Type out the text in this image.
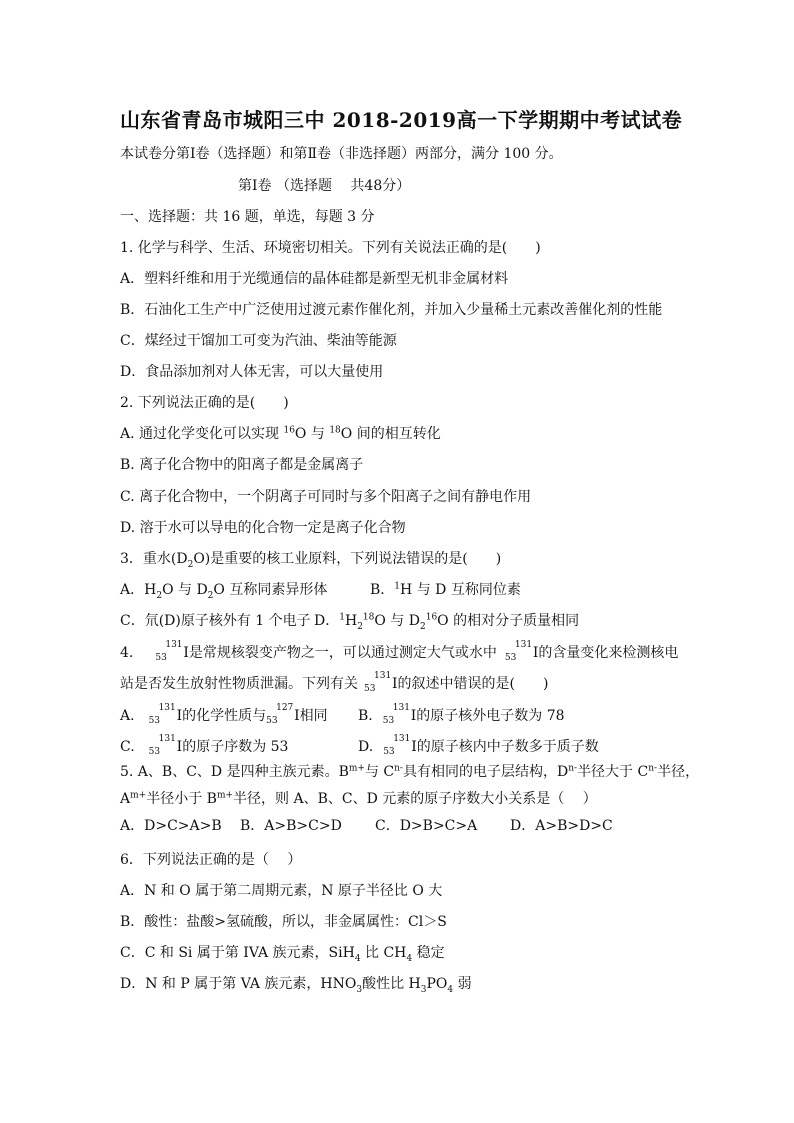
山东省青岛市城阳三中 2018-2019高一下学期期中考试试卷
本试卷分第Ⅰ卷（选择题）和第Ⅱ卷（非选择题）两部分，满分 100 分。
第Ⅰ卷 （选择题　 共48分）
一、选择题：共 16 题，单选，每题 3 分
1. 化学与科学、生活、环境密切相关。下列有关说法正确的是(　　)
A．塑料纤维和用于光缆通信的晶体硅都是新型无机非金属材料
B．石油化工生产中广泛使用过渡元素作催化剂，并加入少量稀土元素改善催化剂的性能
C．煤经过干馏加工可变为汽油、柴油等能源
D．食品添加剂对人体无害，可以大量使用
2. 下列说法正确的是(　　)
A. 通过化学变化可以实现 $^{16}$O 与 $^{18}$O 间的相互转化
B. 离子化合物中的阳离子都是金属离子
C. 离子化合物中，一个阴离子可同时与多个阳离子之间有静电作用
D. 溶于水可以导电的化合物一定是离子化合物
3．重水$(D_2O)$是重要的核工业原料，下列说法错误的是(　　)
A．$H_2O$ 与 $D_2O$ 互称同素异形体	B．$^1$H 与 D 互称同位素
C．氘(D)原子核外有 1 个电子 D．$^1H_2^{18}O$ 与 $D_2^{16}O$ 的相对分子质量相同
4. 53
131 I是常规核裂变产物之一，可以通过测定大气或水中 53
131 I的含量变化来检测核电
站是否发生放射性物质泄漏。下列有关 53
131 I的叙述中错误的是(　　)
A. 53
131 I的化学性质与 53
127 I相同 B. 53
131 I的原子核外电子数为 78
C. 53
131 I的原子序数为 53	D. 53
131 I的原子核内中子数多于质子数
5. A、B、C、D 是四种主族元素。$B^{m+}$与 $C^{n-}$具有相同的电子层结构，$D^{n-}$半径大于 $C^{n-}$半径，
$A^{m+}$半径小于 $B^{m+}$半径，则 A、B、C、D 元素的原子序数大小关系是（　 ）
A．D>C>A>B B．A>B>C>D C．D>B>C>A D．A>B>D>C
6．下列说法正确的是（　 ）
A．N 和 O 属于第二周期元素，N 原子半径比 O 大
B．酸性：盐酸>氢硫酸，所以，非金属属性：Cl＞S
C．C 和 Si 属于第 IVA 族元素，SiH$_4$ 比 $CH_4$ 稳定
D．N 和 P 属于第 VA 族元素，$HNO_3$酸性比 $H_3PO_4$ 弱
